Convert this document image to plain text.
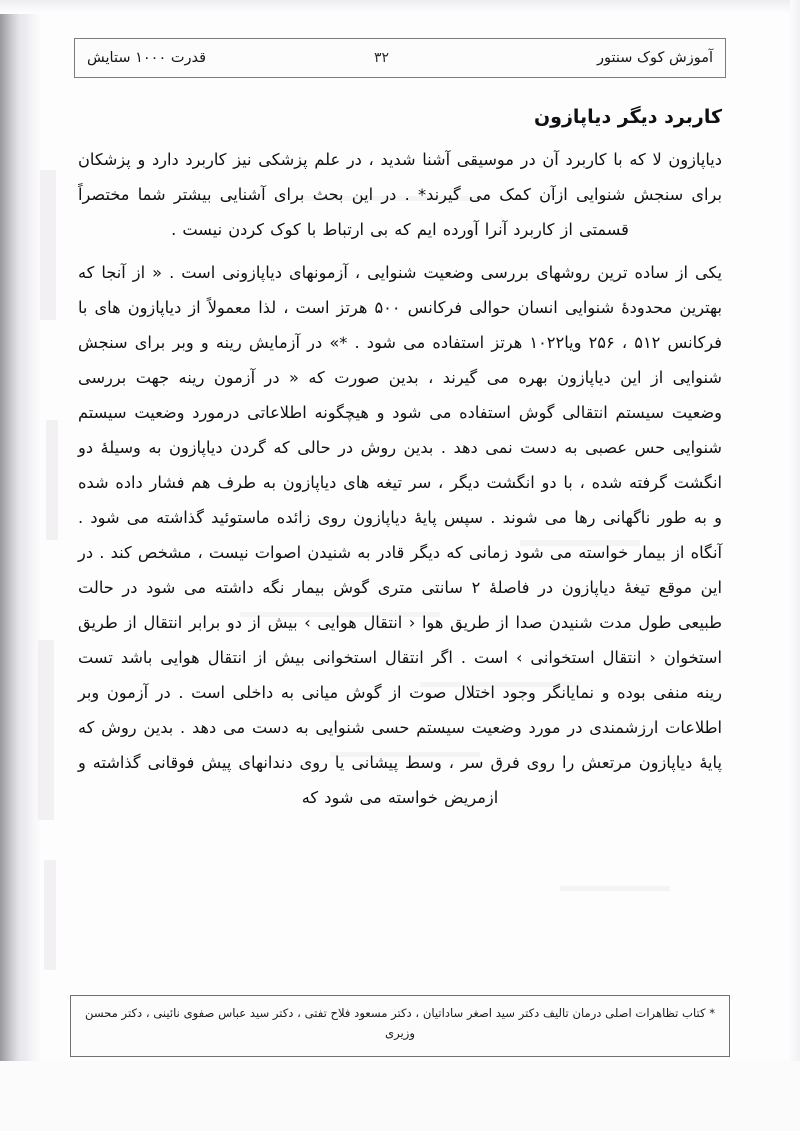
آموزش کوک سنتور
۳۲
قدرت ۱۰۰۰ ستایش
کاربرد دیگر دیاپازون

دیاپازون لا که با کاربرد آن در موسیقی آشنا شدید ، در علم پزشکی نیز کاربرد دارد و پزشکان برای سنجش شنوایی ازآن کمک می گیرند* . در این بحث برای آشنایی بیشتر شما مختصراً قسمتی از کاربرد آنرا آورده ایم که بی ارتباط با کوک کردن نیست .

یکی از ساده ترین روشهای بررسی وضعیت شنوایی ، آزمونهای دیاپازونی است . « از آنجا که بهترین محدودهٔ شنوایی انسان حوالی فرکانس ۵۰۰ هرتز است ، لذا معمولاً از دیاپازون های با فرکانس ۵۱۲ ، ۲۵۶ ویا۱۰۲۲ هرتز استفاده می شود . *» در آزمایش رینه و وبر برای سنجش شنوایی از این دیاپازون بهره می گیرند ، بدین صورت که « در آزمون رینه جهت بررسی وضعیت سیستم انتقالی گوش استفاده می شود و هیچگونه اطلاعاتی درمورد وضعیت سیستم شنوایی حس عصبی به دست نمی دهد . بدین روش در حالی که گردن دیاپازون به وسیلهٔ دو انگشت گرفته شده ، با دو انگشت دیگر ، سر تیغه های دیاپازون به طرف هم فشار داده شده و به طور ناگهانی رها می شوند . سپس پایهٔ دیاپازون روی زائده ماستوئید گذاشته می شود . آنگاه از بیمار خواسته می شود زمانی که دیگر قادر به شنیدن اصوات نیست ، مشخص کند . در این موقع تیغهٔ دیاپازون در فاصلهٔ ۲ سانتی متری گوش بیمار نگه داشته می شود در حالت طبیعی طول مدت شنیدن صدا از طریق هوا ‹ انتقال هوایی › بیش از دو برابر انتقال از طریق استخوان ‹ انتقال استخوانی › است . اگر انتقال استخوانی بیش از انتقال هوایی باشد تست رینه منفی بوده و نمایانگر وجود اختلال صوت از گوش میانی به داخلی است . در آزمون وبر اطلاعات ارزشمندی در مورد وضعیت سیستم حسی شنوایی به دست می دهد . بدین روش که پایهٔ دیاپازون مرتعش را روی فرق سر ، وسط پیشانی یا روی دندانهای پیش فوقانی گذاشته و ازمریض خواسته می شود که

* کتاب تظاهرات اصلی درمان تالیف دکتر سید اصغر ساداتیان ، دکتر مسعود فلاح تفتی ، دکتر سید عباس صفوی نائینی ، دکتر محسن وزیری
